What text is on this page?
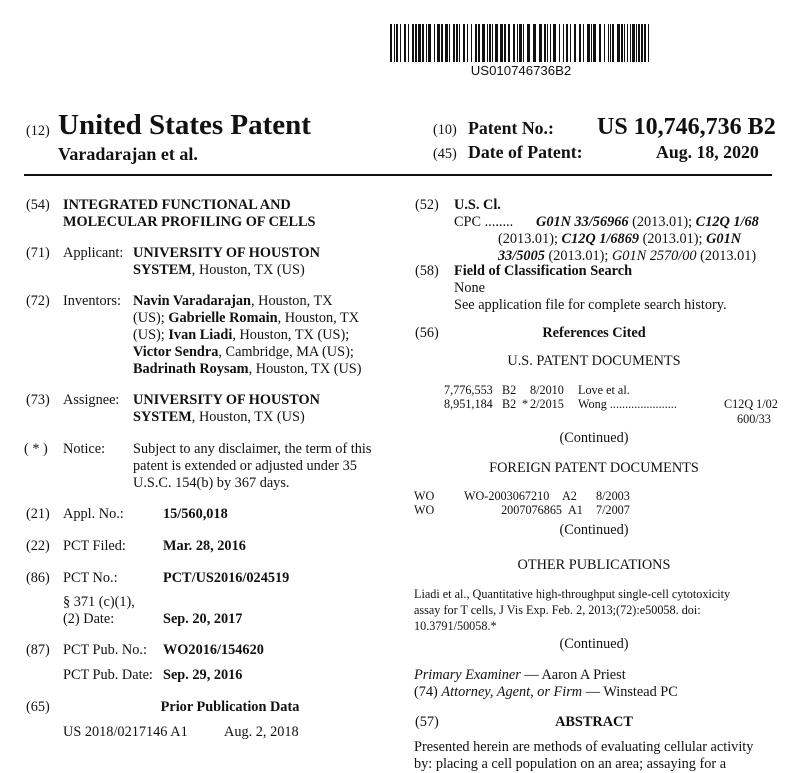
US010746736B2
(12) United States Patent
Varadarajan et al.
(10) Patent No.: US 10,746,736 B2
(45) Date of Patent:	Aug. 18, 2020
(54) INTEGRATED FUNCTIONAL AND
MOLECULAR PROFILING OF CELLS
(71) Applicant: UNIVERSITY OF HOUSTON
SYSTEM, Houston, TX (US)
(72) Inventors: Navin Varadarajan, Houston, TX
(US); Gabrielle Romain, Houston, TX
(US); Ivan Liadi, Houston, TX (US);
Victor Sendra, Cambridge, MA (US);
Badrinath Roysam, Houston, TX (US)
(73) Assignee: UNIVERSITY OF HOUSTON
SYSTEM, Houston, TX (US)
( * ) Notice: Subject to any disclaimer, the term of this
patent is extended or adjusted under 35
U.S.C. 154(b) by 367 days.
(21) Appl. No.:	15/560,018
(22) PCT Filed:	Mar. 28, 2016
(86) PCT No.:	PCT/US2016/024519
§ 371 (c)(1),
(2) Date:	Sep. 20, 2017
(87) PCT Pub. No.: WO2016/154620
PCT Pub. Date: Sep. 29, 2016
(65)	Prior Publication Data
US 2018/0217146 A1	Aug. 2, 2018
(52) U.S. Cl.
CPC ........	G01N 33/56966 (2013.01); C12Q 1/68
(2013.01); C12Q 1/6869 (2013.01); G01N
33/5005 (2013.01); G01N 2570/00 (2013.01)
(58) Field of Classification Search
None
See application file for complete search history.
(56)	References Cited
U.S. PATENT DOCUMENTS
7,776,553 B2 8/2010 Love et al.
8,951,184 B2 * 2/2015 Wong ......................	C12Q 1/02
600/33
(Continued)
FOREIGN PATENT DOCUMENTS
WO WO-2003067210 A2 8/2003
WO	2007076865 A1 7/2007
(Continued)
OTHER PUBLICATIONS
Liadi et al., Quantitative high-throughput single-cell cytotoxicity
assay for T cells, J Vis Exp. Feb. 2, 2013;(72):e50058. doi:
10.3791/50058.*
(Continued)
Primary Examiner — Aaron A Priest
(74) Attorney, Agent, or Firm — Winstead PC
(57)	ABSTRACT
Presented herein are methods of evaluating cellular activity
by: placing a cell population on an area; assaying for a
